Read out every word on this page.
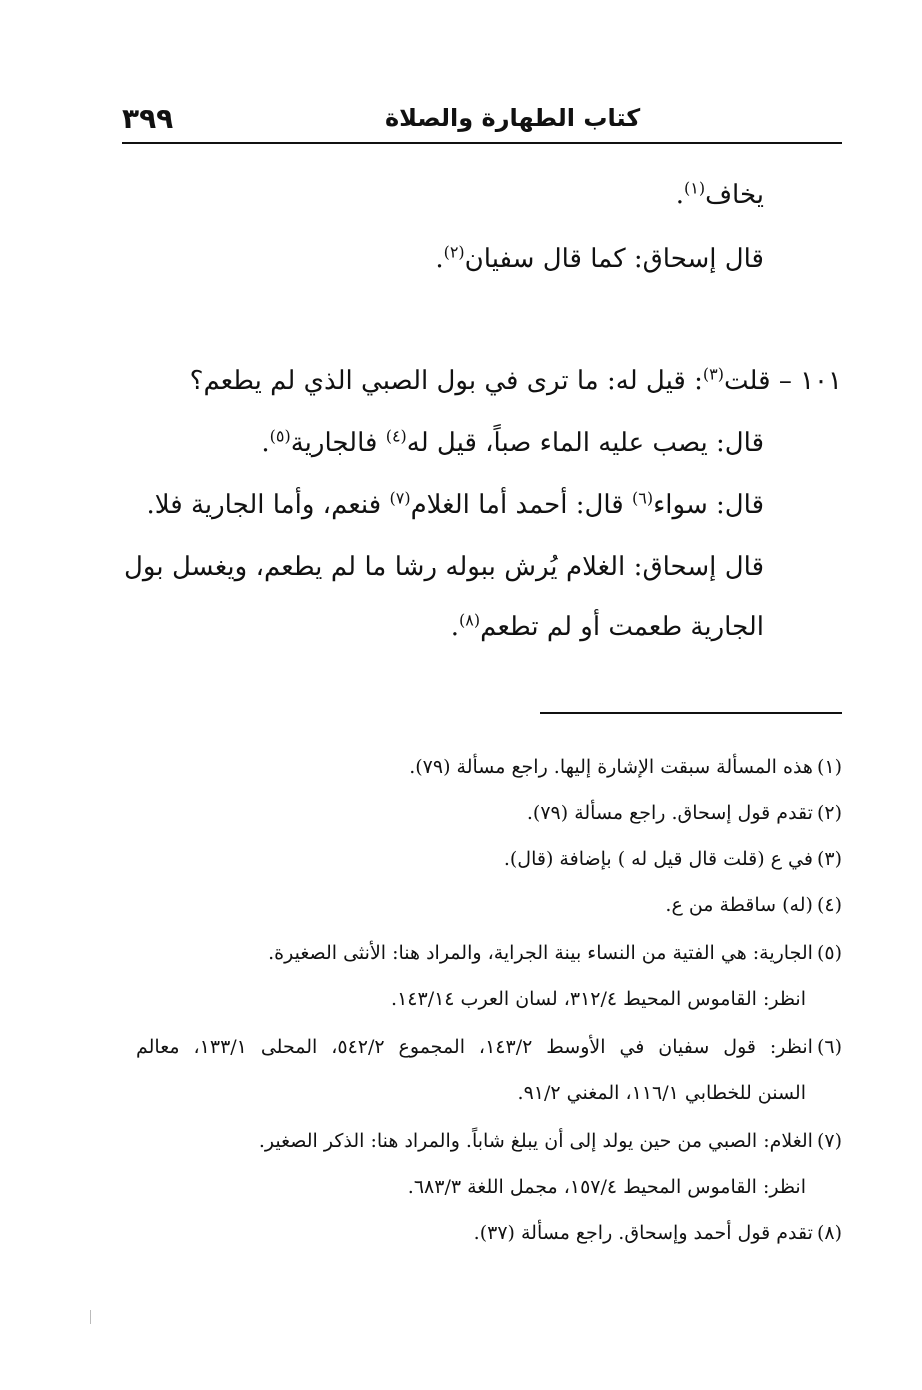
٣٩٩	كتاب الطهارة والصلاة
يخاف$^{(١)}$.
قال إسحاق: كما قال سفيان$^{(٢)}$.
١٠١ – قلت$^{(٣)}$: قيل له: ما ترى في بول الصبي الذي لم يطعم؟
قال: يصب عليه الماء صباً، قيل له$^{(٤)}$ فالجارية$^{(٥)}$.
قال: سواء$^{(٦)}$ قال: أحمد أما الغلام$^{(٧)}$ فنعم، وأما الجارية فلا.
قال إسحاق: الغلام يُرش ببوله رشا ما لم يطعم، ويغسل بول
الجارية طعمت أو لم تطعم$^{(٨)}$.
(١)هذه المسألة سبقت الإشارة إليها. راجع مسألة (٧٩).
(٢)تقدم قول إسحاق. راجع مسألة (٧٩).
(٣)في ع (قلت قال قيل له ) بإضافة (قال).
(٤)(له) ساقطة من ع.
(٥)الجارية: هي الفتية من النساء بينة الجراية، والمراد هنا: الأنثى الصغيرة.
انظر: القاموس المحيط ٣١٢/٤، لسان العرب ١٤٣/١٤.
(٦)انظر: قول سفيان في الأوسط ١٤٣/٢، المجموع ٥٤٢/٢، المحلى ١٣٣/١، معالم
السنن للخطابي ١١٦/١، المغني ٩١/٢.
(٧)الغلام: الصبي من حين يولد إلى أن يبلغ شاباً. والمراد هنا: الذكر الصغير.
انظر: القاموس المحيط ١٥٧/٤، مجمل اللغة ٦٨٣/٣.
(٨)تقدم قول أحمد وإسحاق. راجع مسألة (٣٧).
